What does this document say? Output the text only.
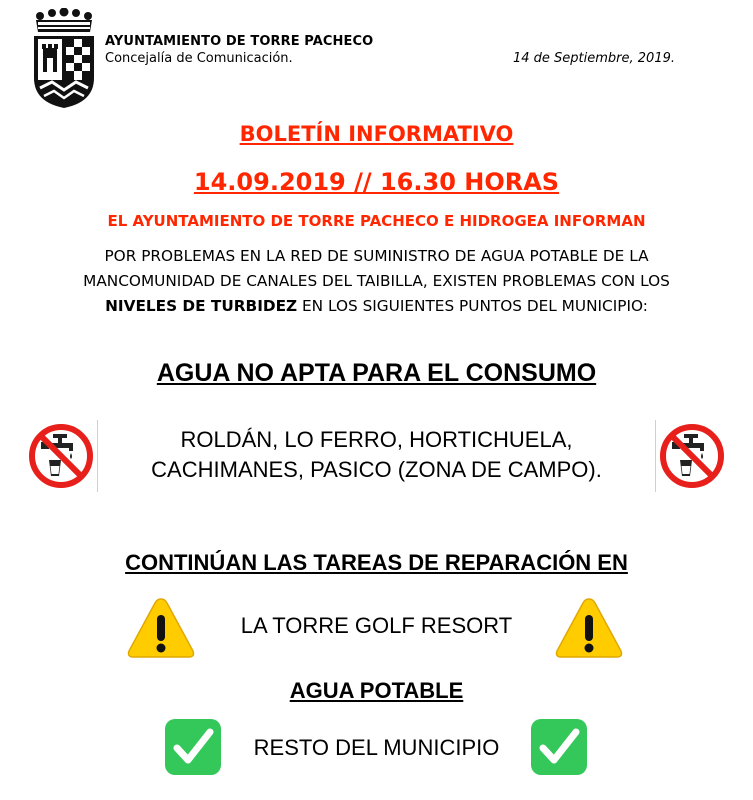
AYUNTAMIENTO DE TORRE PACHECO
Concejalía de Comunicación.	14 de Septiembre, 2019.
BOLETÍN INFORMATIVO
14.09.2019 // 16.30 HORAS
EL AYUNTAMIENTO DE TORRE PACHECO E HIDROGEA INFORMAN
POR PROBLEMAS EN LA RED DE SUMINISTRO DE AGUA POTABLE DE LA MANCOMUNIDAD DE CANALES DEL TAIBILLA, EXISTEN PROBLEMAS CON LOS NIVELES DE TURBIDEZ EN LOS SIGUIENTES PUNTOS DEL MUNICIPIO:
AGUA NO APTA PARA EL CONSUMO
ROLDÁN, LO FERRO, HORTICHUELA,
CACHIMANES, PASICO (ZONA DE CAMPO).
CONTINÚAN LAS TAREAS DE REPARACIÓN EN
LA TORRE GOLF RESORT
AGUA POTABLE
RESTO DEL MUNICIPIO
